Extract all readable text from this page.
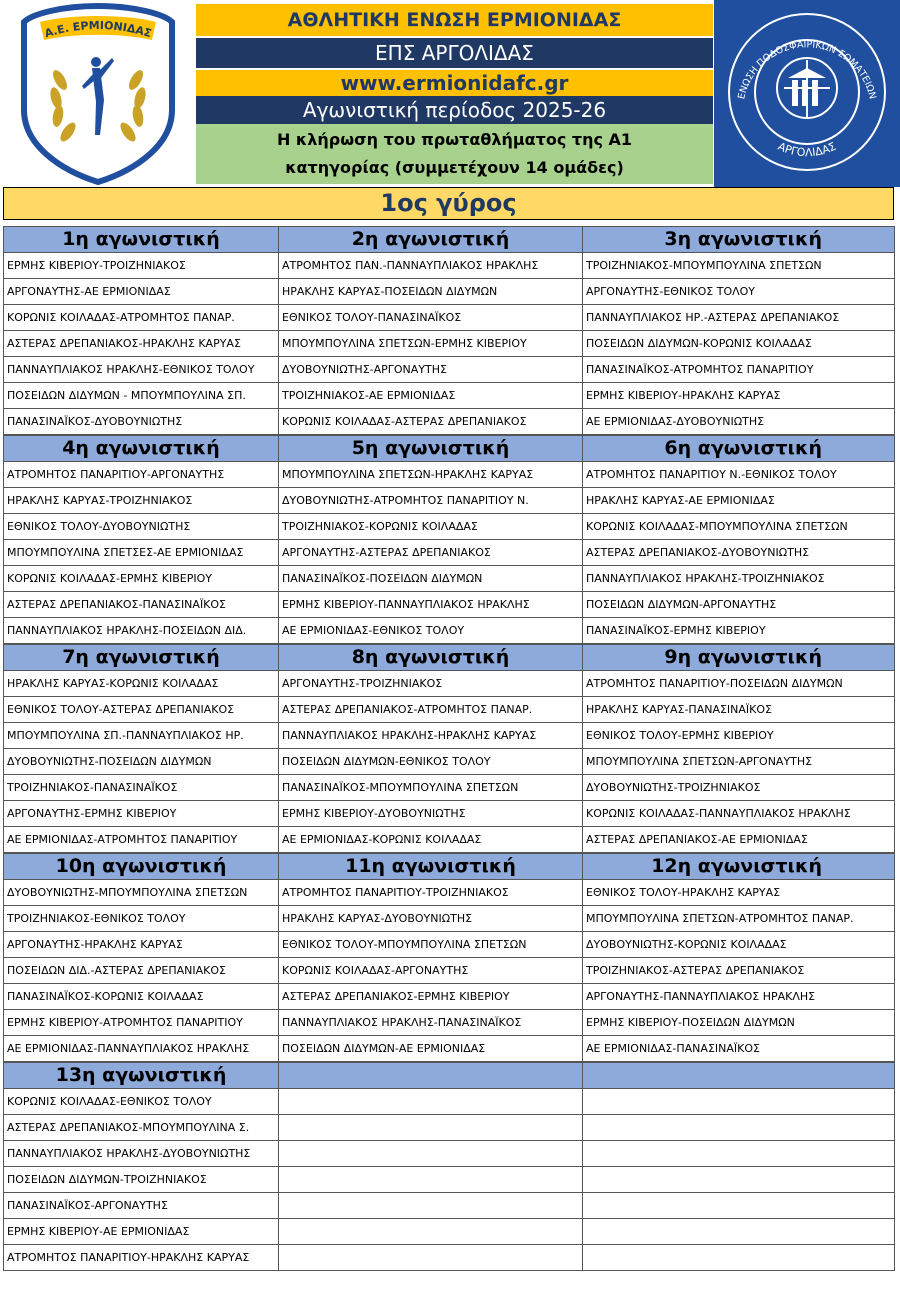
Α.Ε. ΕΡΜΙΟΝΙΔΑΣ
ΑΘΛΗΤΙΚΗ ΕΝΩΣΗ ΕΡΜΙΟΝΙΔΑΣ
ΕΠΣ ΑΡΓΟΛΙΔΑΣ
www.ermionidafc.gr
Αγωνιστική περίοδος 2025-26
Η κλήρωση του πρωταθλήματος της Α1
κατηγορίας (συμμετέχουν 14 ομάδες)
ΕΝΩΣΗ ΠΟΔΟΣΦΑΙΡΙΚΩΝ ΣΩΜΑΤΕΙΩΝ
ΑΡΓΟΛΙΔΑΣ
1ος γύρος
1η αγωνιστική
ΕΡΜΗΣ ΚΙΒΕΡΙΟΥ-ΤΡΟΙΖΗΝΙΑΚΟΣ
ΑΡΓΟΝΑΥΤΗΣ-ΑΕ ΕΡΜΙΟΝΙΔΑΣ
ΚΟΡΩΝΙΣ ΚΟΙΛΑΔΑΣ-ΑΤΡΟΜΗΤΟΣ ΠΑΝΑΡ.
ΑΣΤΕΡΑΣ ΔΡΕΠΑΝΙΑΚΟΣ-ΗΡΑΚΛΗΣ ΚΑΡΥΑΣ
ΠΑΝΝΑΥΠΛΙΑΚΟΣ ΗΡΑΚΛΗΣ-ΕΘΝΙΚΟΣ ΤΟΛΟΥ
ΠΟΣΕΙΔΩΝ ΔΙΔΥΜΩΝ - ΜΠΟΥΜΠΟΥΛΙΝΑ ΣΠ.
ΠΑΝΑΣΙΝΑΪΚΟΣ-ΔΥΟΒΟΥΝΙΩΤΗΣ
2η αγωνιστική
ΑΤΡΟΜΗΤΟΣ ΠΑΝ.-ΠΑΝΝΑΥΠΛΙΑΚΟΣ ΗΡΑΚΛΗΣ
ΗΡΑΚΛΗΣ ΚΑΡΥΑΣ-ΠΟΣΕΙΔΩΝ ΔΙΔΥΜΩΝ
ΕΘΝΙΚΟΣ ΤΟΛΟΥ-ΠΑΝΑΣΙΝΑΪΚΟΣ
ΜΠΟΥΜΠΟΥΛΙΝΑ ΣΠΕΤΣΩΝ-ΕΡΜΗΣ ΚΙΒΕΡΙΟΥ
ΔΥΟΒΟΥΝΙΩΤΗΣ-ΑΡΓΟΝΑΥΤΗΣ
ΤΡΟΙΖΗΝΙΑΚΟΣ-ΑΕ ΕΡΜΙΟΝΙΔΑΣ
ΚΟΡΩΝΙΣ ΚΟΙΛΑΔΑΣ-ΑΣΤΕΡΑΣ ΔΡΕΠΑΝΙΑΚΟΣ
3η αγωνιστική
ΤΡΟΙΖΗΝΙΑΚΟΣ-ΜΠΟΥΜΠΟΥΛΙΝΑ ΣΠΕΤΣΩΝ
ΑΡΓΟΝΑΥΤΗΣ-ΕΘΝΙΚΟΣ ΤΟΛΟΥ
ΠΑΝΝΑΥΠΛΙΑΚΟΣ ΗΡ.-ΑΣΤΕΡΑΣ ΔΡΕΠΑΝΙΑΚΟΣ
ΠΟΣΕΙΔΩΝ ΔΙΔΥΜΩΝ-ΚΟΡΩΝΙΣ ΚΟΙΛΑΔΑΣ
ΠΑΝΑΣΙΝΑΪΚΟΣ-ΑΤΡΟΜΗΤΟΣ ΠΑΝΑΡΙΤΙΟΥ
ΕΡΜΗΣ ΚΙΒΕΡΙΟΥ-ΗΡΑΚΛΗΣ ΚΑΡΥΑΣ
ΑΕ ΕΡΜΙΟΝΙΔΑΣ-ΔΥΟΒΟΥΝΙΩΤΗΣ
4η αγωνιστική
ΑΤΡΟΜΗΤΟΣ ΠΑΝΑΡΙΤΙΟΥ-ΑΡΓΟΝΑΥΤΗΣ
ΗΡΑΚΛΗΣ ΚΑΡΥΑΣ-ΤΡΟΙΖΗΝΙΑΚΟΣ
ΕΘΝΙΚΟΣ ΤΟΛΟΥ-ΔΥΟΒΟΥΝΙΩΤΗΣ
ΜΠΟΥΜΠΟΥΛΙΝΑ ΣΠΕΤΣΕΣ-ΑΕ ΕΡΜΙΟΝΙΔΑΣ
ΚΟΡΩΝΙΣ ΚΟΙΛΑΔΑΣ-ΕΡΜΗΣ ΚΙΒΕΡΙΟΥ
ΑΣΤΕΡΑΣ ΔΡΕΠΑΝΙΑΚΟΣ-ΠΑΝΑΣΙΝΑΪΚΟΣ
ΠΑΝΝΑΥΠΛΙΑΚΟΣ ΗΡΑΚΛΗΣ-ΠΟΣΕΙΔΩΝ ΔΙΔ.
5η αγωνιστική
ΜΠΟΥΜΠΟΥΛΙΝΑ ΣΠΕΤΣΩΝ-ΗΡΑΚΛΗΣ ΚΑΡΥΑΣ
ΔΥΟΒΟΥΝΙΩΤΗΣ-ΑΤΡΟΜΗΤΟΣ ΠΑΝΑΡΙΤΙΟΥ Ν.
ΤΡΟΙΖΗΝΙΑΚΟΣ-ΚΟΡΩΝΙΣ ΚΟΙΛΑΔΑΣ
ΑΡΓΟΝΑΥΤΗΣ-ΑΣΤΕΡΑΣ ΔΡΕΠΑΝΙΑΚΟΣ
ΠΑΝΑΣΙΝΑΪΚΟΣ-ΠΟΣΕΙΔΩΝ ΔΙΔΥΜΩΝ
ΕΡΜΗΣ ΚΙΒΕΡΙΟΥ-ΠΑΝΝΑΥΠΛΙΑΚΟΣ ΗΡΑΚΛΗΣ
ΑΕ ΕΡΜΙΟΝΙΔΑΣ-ΕΘΝΙΚΟΣ ΤΟΛΟΥ
6η αγωνιστική
ΑΤΡΟΜΗΤΟΣ ΠΑΝΑΡΙΤΙΟΥ Ν.-ΕΘΝΙΚΟΣ ΤΟΛΟΥ
ΗΡΑΚΛΗΣ ΚΑΡΥΑΣ-ΑΕ ΕΡΜΙΟΝΙΔΑΣ
ΚΟΡΩΝΙΣ ΚΟΙΛΑΔΑΣ-ΜΠΟΥΜΠΟΥΛΙΝΑ ΣΠΕΤΣΩΝ
ΑΣΤΕΡΑΣ ΔΡΕΠΑΝΙΑΚΟΣ-ΔΥΟΒΟΥΝΙΩΤΗΣ
ΠΑΝΝΑΥΠΛΙΑΚΟΣ ΗΡΑΚΛΗΣ-ΤΡΟΙΖΗΝΙΑΚΟΣ
ΠΟΣΕΙΔΩΝ ΔΙΔΥΜΩΝ-ΑΡΓΟΝΑΥΤΗΣ
ΠΑΝΑΣΙΝΑΪΚΟΣ-ΕΡΜΗΣ ΚΙΒΕΡΙΟΥ
7η αγωνιστική
ΗΡΑΚΛΗΣ ΚΑΡΥΑΣ-ΚΟΡΩΝΙΣ ΚΟΙΛΑΔΑΣ
ΕΘΝΙΚΟΣ ΤΟΛΟΥ-ΑΣΤΕΡΑΣ ΔΡΕΠΑΝΙΑΚΟΣ
ΜΠΟΥΜΠΟΥΛΙΝΑ ΣΠ.-ΠΑΝΝΑΥΠΛΙΑΚΟΣ ΗΡ.
ΔΥΟΒΟΥΝΙΩΤΗΣ-ΠΟΣΕΙΔΩΝ ΔΙΔΥΜΩΝ
ΤΡΟΙΖΗΝΙΑΚΟΣ-ΠΑΝΑΣΙΝΑΪΚΟΣ
ΑΡΓΟΝΑΥΤΗΣ-ΕΡΜΗΣ ΚΙΒΕΡΙΟΥ
ΑΕ ΕΡΜΙΟΝΙΔΑΣ-ΑΤΡΟΜΗΤΟΣ ΠΑΝΑΡΙΤΙΟΥ
8η αγωνιστική
ΑΡΓΟΝΑΥΤΗΣ-ΤΡΟΙΖΗΝΙΑΚΟΣ
ΑΣΤΕΡΑΣ ΔΡΕΠΑΝΙΑΚΟΣ-ΑΤΡΟΜΗΤΟΣ ΠΑΝΑΡ.
ΠΑΝΝΑΥΠΛΙΑΚΟΣ ΗΡΑΚΛΗΣ-ΗΡΑΚΛΗΣ ΚΑΡΥΑΣ
ΠΟΣΕΙΔΩΝ ΔΙΔΥΜΩΝ-ΕΘΝΙΚΟΣ ΤΟΛΟΥ
ΠΑΝΑΣΙΝΑΪΚΟΣ-ΜΠΟΥΜΠΟΥΛΙΝΑ ΣΠΕΤΣΩΝ
ΕΡΜΗΣ ΚΙΒΕΡΙΟΥ-ΔΥΟΒΟΥΝΙΩΤΗΣ
ΑΕ ΕΡΜΙΟΝΙΔΑΣ-ΚΟΡΩΝΙΣ ΚΟΙΛΑΔΑΣ
9η αγωνιστική
ΑΤΡΟΜΗΤΟΣ ΠΑΝΑΡΙΤΙΟΥ-ΠΟΣΕΙΔΩΝ ΔΙΔΥΜΩΝ
ΗΡΑΚΛΗΣ ΚΑΡΥΑΣ-ΠΑΝΑΣΙΝΑΪΚΟΣ
ΕΘΝΙΚΟΣ ΤΟΛΟΥ-ΕΡΜΗΣ ΚΙΒΕΡΙΟΥ
ΜΠΟΥΜΠΟΥΛΙΝΑ ΣΠΕΤΣΩΝ-ΑΡΓΟΝΑΥΤΗΣ
ΔΥΟΒΟΥΝΙΩΤΗΣ-ΤΡΟΙΖΗΝΙΑΚΟΣ
ΚΟΡΩΝΙΣ ΚΟΙΛΑΔΑΣ-ΠΑΝΝΑΥΠΛΙΑΚΟΣ ΗΡΑΚΛΗΣ
ΑΣΤΕΡΑΣ ΔΡΕΠΑΝΙΑΚΟΣ-ΑΕ ΕΡΜΙΟΝΙΔΑΣ
10η αγωνιστική
ΔΥΟΒΟΥΝΙΩΤΗΣ-ΜΠΟΥΜΠΟΥΛΙΝΑ ΣΠΕΤΣΩΝ
ΤΡΟΙΖΗΝΙΑΚΟΣ-ΕΘΝΙΚΟΣ ΤΟΛΟΥ
ΑΡΓΟΝΑΥΤΗΣ-ΗΡΑΚΛΗΣ ΚΑΡΥΑΣ
ΠΟΣΕΙΔΩΝ ΔΙΔ.-ΑΣΤΕΡΑΣ ΔΡΕΠΑΝΙΑΚΟΣ
ΠΑΝΑΣΙΝΑΪΚΟΣ-ΚΟΡΩΝΙΣ ΚΟΙΛΑΔΑΣ
ΕΡΜΗΣ ΚΙΒΕΡΙΟΥ-ΑΤΡΟΜΗΤΟΣ ΠΑΝΑΡΙΤΙΟΥ
ΑΕ ΕΡΜΙΟΝΙΔΑΣ-ΠΑΝΝΑΥΠΛΙΑΚΟΣ ΗΡΑΚΛΗΣ
11η αγωνιστική
ΑΤΡΟΜΗΤΟΣ ΠΑΝΑΡΙΤΙΟΥ-ΤΡΟΙΖΗΝΙΑΚΟΣ
ΗΡΑΚΛΗΣ ΚΑΡΥΑΣ-ΔΥΟΒΟΥΝΙΩΤΗΣ
ΕΘΝΙΚΟΣ ΤΟΛΟΥ-ΜΠΟΥΜΠΟΥΛΙΝΑ ΣΠΕΤΣΩΝ
ΚΟΡΩΝΙΣ ΚΟΙΛΑΔΑΣ-ΑΡΓΟΝΑΥΤΗΣ
ΑΣΤΕΡΑΣ ΔΡΕΠΑΝΙΑΚΟΣ-ΕΡΜΗΣ ΚΙΒΕΡΙΟΥ
ΠΑΝΝΑΥΠΛΙΑΚΟΣ ΗΡΑΚΛΗΣ-ΠΑΝΑΣΙΝΑΪΚΟΣ
ΠΟΣΕΙΔΩΝ ΔΙΔΥΜΩΝ-ΑΕ ΕΡΜΙΟΝΙΔΑΣ
12η αγωνιστική
ΕΘΝΙΚΟΣ ΤΟΛΟΥ-ΗΡΑΚΛΗΣ ΚΑΡΥΑΣ
ΜΠΟΥΜΠΟΥΛΙΝΑ ΣΠΕΤΣΩΝ-ΑΤΡΟΜΗΤΟΣ ΠΑΝΑΡ.
ΔΥΟΒΟΥΝΙΩΤΗΣ-ΚΟΡΩΝΙΣ ΚΟΙΛΑΔΑΣ
ΤΡΟΙΖΗΝΙΑΚΟΣ-ΑΣΤΕΡΑΣ ΔΡΕΠΑΝΙΑΚΟΣ
ΑΡΓΟΝΑΥΤΗΣ-ΠΑΝΝΑΥΠΛΙΑΚΟΣ ΗΡΑΚΛΗΣ
ΕΡΜΗΣ ΚΙΒΕΡΙΟΥ-ΠΟΣΕΙΔΩΝ ΔΙΔΥΜΩΝ
ΑΕ ΕΡΜΙΟΝΙΔΑΣ-ΠΑΝΑΣΙΝΑΪΚΟΣ
13η αγωνιστική
ΚΟΡΩΝΙΣ ΚΟΙΛΑΔΑΣ-ΕΘΝΙΚΟΣ ΤΟΛΟΥ
ΑΣΤΕΡΑΣ ΔΡΕΠΑΝΙΑΚΟΣ-ΜΠΟΥΜΠΟΥΛΙΝΑ Σ.
ΠΑΝΝΑΥΠΛΙΑΚΟΣ ΗΡΑΚΛΗΣ-ΔΥΟΒΟΥΝΙΩΤΗΣ
ΠΟΣΕΙΔΩΝ ΔΙΔΥΜΩΝ-ΤΡΟΙΖΗΝΙΑΚΟΣ
ΠΑΝΑΣΙΝΑΪΚΟΣ-ΑΡΓΟΝΑΥΤΗΣ
ΕΡΜΗΣ ΚΙΒΕΡΙΟΥ-ΑΕ ΕΡΜΙΟΝΙΔΑΣ
ΑΤΡΟΜΗΤΟΣ ΠΑΝΑΡΙΤΙΟΥ-ΗΡΑΚΛΗΣ ΚΑΡΥΑΣ
